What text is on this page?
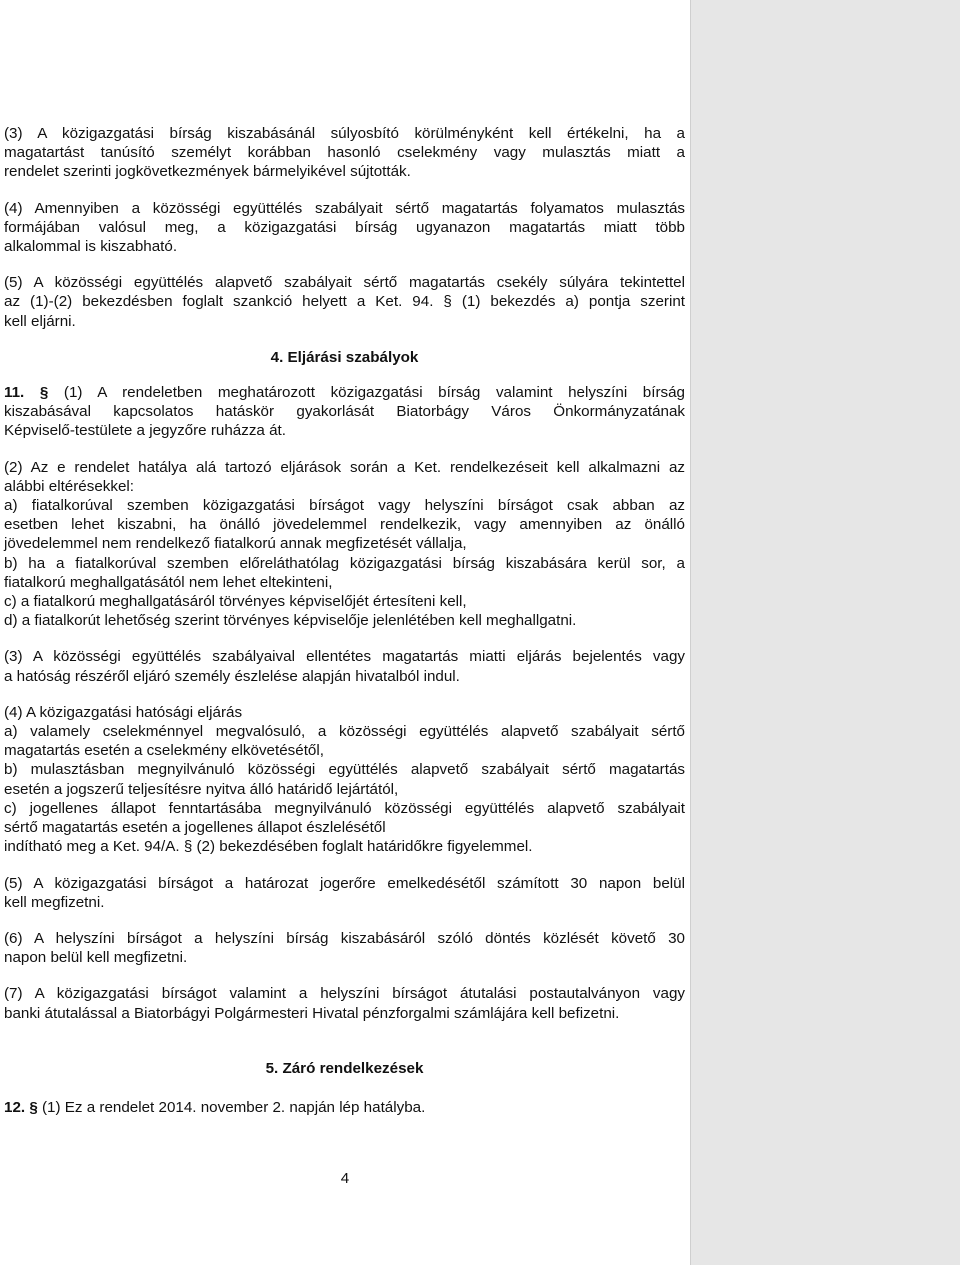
(3) A közigazgatási bírság kiszabásánál súlyosbító körülményként kell értékelni, ha a
magatartást tanúsító személyt korábban hasonló cselekmény vagy mulasztás miatt a
rendelet szerinti jogkövetkezmények bármelyikével sújtották.

(4) Amennyiben a közösségi együttélés szabályait sértő magatartás folyamatos mulasztás
formájában valósul meg, a közigazgatási bírság ugyanazon magatartás miatt több
alkalommal is kiszabható.

(5) A közösségi együttélés alapvető szabályait sértő magatartás csekély súlyára tekintettel
az (1)-(2) bekezdésben foglalt szankció helyett a Ket. 94. § (1) bekezdés a) pontja szerint
kell eljárni.

4. Eljárási szabályok

11. § (1) A rendeletben meghatározott közigazgatási bírság valamint helyszíni bírság
kiszabásával kapcsolatos hatáskör gyakorlását Biatorbágy Város Önkormányzatának
Képviselő-testülete a jegyzőre ruházza át.

(2) Az e rendelet hatálya alá tartozó eljárások során a Ket. rendelkezéseit kell alkalmazni az
alábbi eltérésekkel:
a) fiatalkorúval szemben közigazgatási bírságot vagy helyszíni bírságot csak abban az
esetben lehet kiszabni, ha önálló jövedelemmel rendelkezik, vagy amennyiben az önálló
jövedelemmel nem rendelkező fiatalkorú annak megfizetését vállalja,
b) ha a fiatalkorúval szemben előreláthatólag közigazgatási bírság kiszabására kerül sor, a
fiatalkorú meghallgatásától nem lehet eltekinteni,
c) a fiatalkorú meghallgatásáról törvényes képviselőjét értesíteni kell,
d) a fiatalkorút lehetőség szerint törvényes képviselője jelenlétében kell meghallgatni.

(3) A közösségi együttélés szabályaival ellentétes magatartás miatti eljárás bejelentés vagy
a hatóság részéről eljáró személy észlelése alapján hivatalból indul.

(4) A közigazgatási hatósági eljárás
a) valamely cselekménnyel megvalósuló, a közösségi együttélés alapvető szabályait sértő
magatartás esetén a cselekmény elkövetésétől,
b) mulasztásban megnyilvánuló közösségi együttélés alapvető szabályait sértő magatartás
esetén a jogszerű teljesítésre nyitva álló határidő lejártától,
c) jogellenes állapot fenntartásába megnyilvánuló közösségi együttélés alapvető szabályait
sértő magatartás esetén a jogellenes állapot észlelésétől
indítható meg a Ket. 94/A. § (2) bekezdésében foglalt határidőkre figyelemmel.

(5) A közigazgatási bírságot a határozat jogerőre emelkedésétől számított 30 napon belül
kell megfizetni.

(6) A helyszíni bírságot a helyszíni bírság kiszabásáról szóló döntés közlését követő 30
napon belül kell megfizetni.

(7) A közigazgatási bírságot valamint a helyszíni bírságot átutalási postautalványon vagy
banki átutalással a Biatorbágyi Polgármesteri Hivatal pénzforgalmi számlájára kell befizetni.

5. Záró rendelkezések

12. § (1) Ez a rendelet 2014. november 2. napján lép hatályba.

4
